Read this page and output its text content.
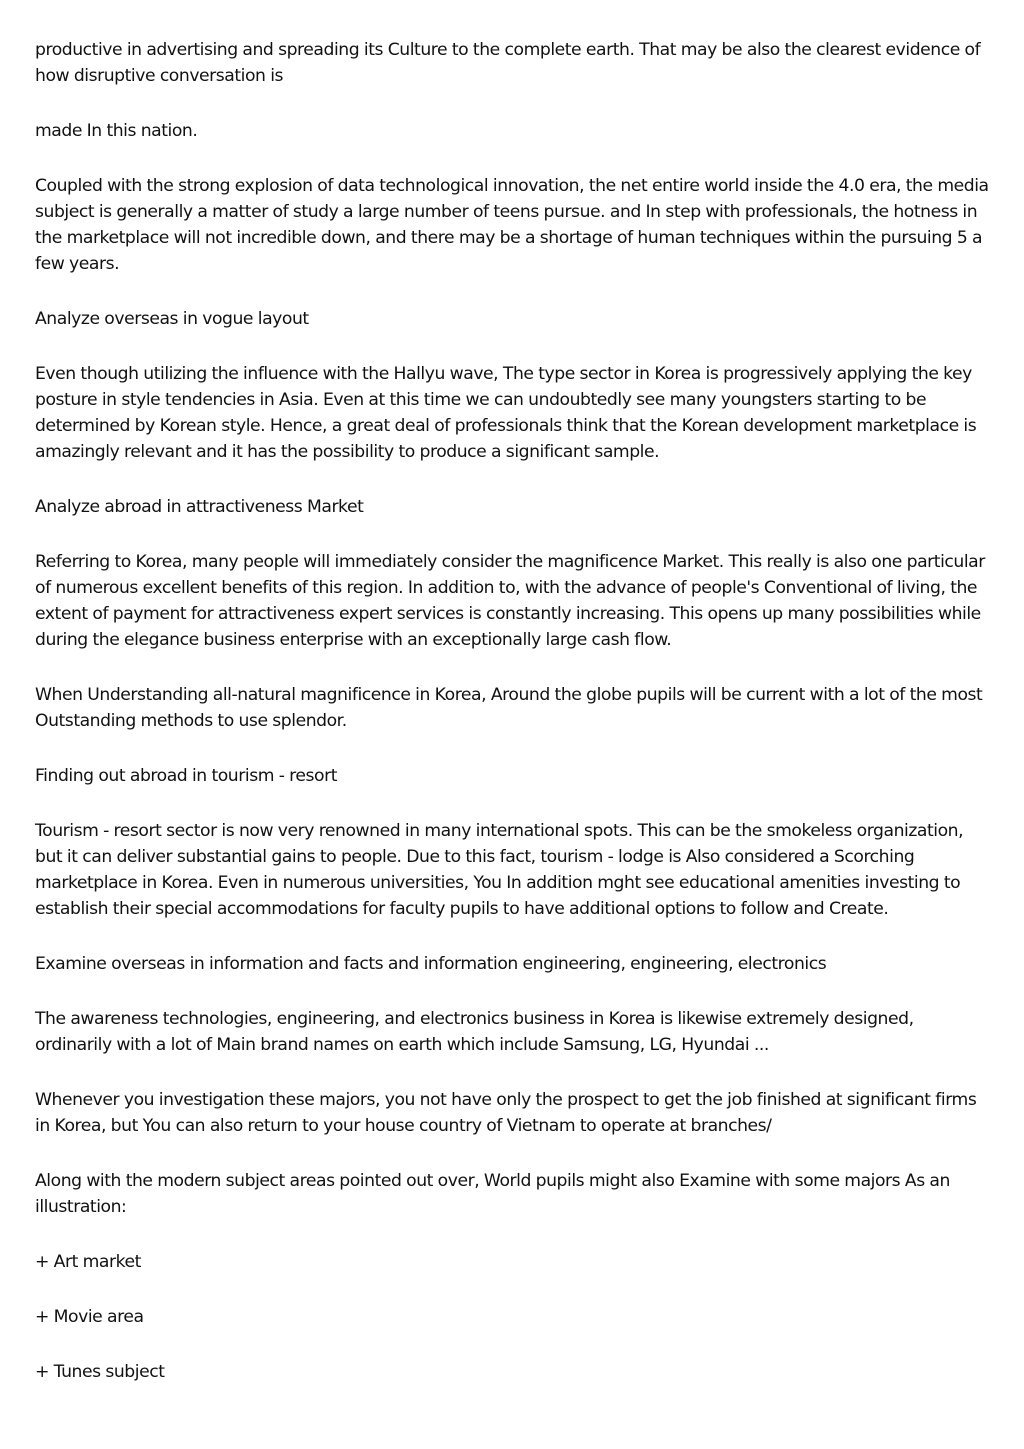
productive in advertising and spreading its Culture to the complete earth. That may be also the clearest evidence of how disruptive conversation is

made In this nation.

Coupled with the strong explosion of data technological innovation, the net entire world inside the 4.0 era, the media subject is generally a matter of study a large number of teens pursue. and In step with professionals, the hotness in the marketplace will not incredible down, and there may be a shortage of human techniques within the pursuing 5 a few years.

Analyze overseas in vogue layout

Even though utilizing the influence with the Hallyu wave, The type sector in Korea is progressively applying the key posture in style tendencies in Asia. Even at this time we can undoubtedly see many youngsters starting to be determined by Korean style. Hence, a great deal of professionals think that the Korean development marketplace is amazingly relevant and it has the possibility to produce a significant sample.

Analyze abroad in attractiveness Market

Referring to Korea, many people will immediately consider the magnificence Market. This really is also one particular of numerous excellent benefits of this region. In addition to, with the advance of people's Conventional of living, the extent of payment for attractiveness expert services is constantly increasing. This opens up many possibilities while during the elegance business enterprise with an exceptionally large cash flow.

When Understanding all-natural magnificence in Korea, Around the globe pupils will be current with a lot of the most Outstanding methods to use splendor.

Finding out abroad in tourism - resort

Tourism - resort sector is now very renowned in many international spots. This can be the smokeless organization, but it can deliver substantial gains to people. Due to this fact, tourism - lodge is Also considered a Scorching marketplace in Korea. Even in numerous universities, You In addition mght see educational amenities investing to establish their special accommodations for faculty pupils to have additional options to follow and Create.

Examine overseas in information and facts and information engineering, engineering, electronics

The awareness technologies, engineering, and electronics business in Korea is likewise extremely designed, ordinarily with a lot of Main brand names on earth which include Samsung, LG, Hyundai ...

Whenever you investigation these majors, you not have only the prospect to get the job finished at significant firms in Korea, but You can also return to your house country of Vietnam to operate at branches/

Along with the modern subject areas pointed out over, World pupils might also Examine with some majors As an illustration:

+ Art market

+ Movie area

+ Tunes subject
